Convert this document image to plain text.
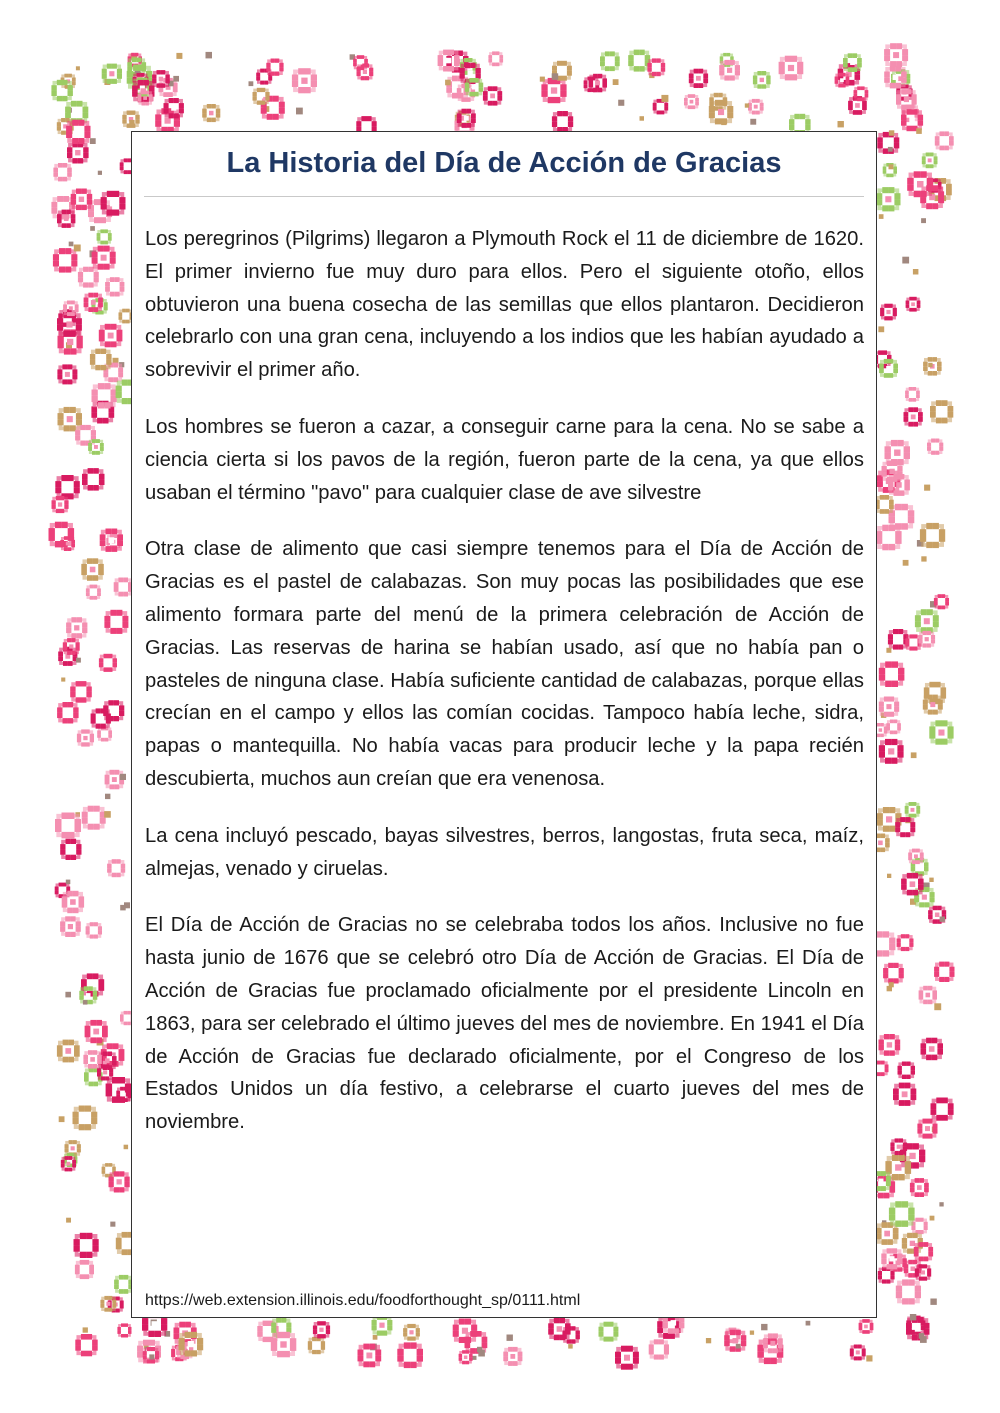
La Historia del Día de Acción de Gracias

Los peregrinos (Pilgrims) llegaron a Plymouth Rock el 11 de diciembre de 1620. El primer invierno fue muy duro para ellos. Pero el siguiente otoño, ellos obtuvieron una buena cosecha de las semillas que ellos plantaron. Decidieron celebrarlo con una gran cena, incluyendo a los indios que les habían ayudado a sobrevivir el primer año.

Los hombres se fueron a cazar, a conseguir carne para la cena. No se sabe a ciencia cierta si los pavos de la región, fueron parte de la cena, ya que ellos usaban el término "pavo" para cualquier clase de ave silvestre

Otra clase de alimento que casi siempre tenemos para el Día de Acción de Gracias es el pastel de calabazas. Son muy pocas las posibilidades que ese alimento formara parte del menú de la primera celebración de Acción de Gracias. Las reservas de harina se habían usado, así que no había pan o pasteles de ninguna clase. Había suficiente cantidad de calabazas, porque ellas crecían en el campo y ellos las comían cocidas. Tampoco había leche, sidra, papas o mantequilla. No había vacas para producir leche y la papa recién descubierta, muchos aun creían que era venenosa.

La cena incluyó pescado, bayas silvestres, berros, langostas, fruta seca, maíz, almejas, venado y ciruelas.

El Día de Acción de Gracias no se celebraba todos los años. Inclusive no fue hasta junio de 1676 que se celebró otro Día de Acción de Gracias. El Día de Acción de Gracias fue proclamado oficialmente por el presidente Lincoln en 1863, para ser celebrado el último jueves del mes de noviembre. En 1941 el Día de Acción de Gracias fue declarado oficialmente, por el Congreso de los Estados Unidos un día festivo, a celebrarse el cuarto jueves del mes de noviembre.

https://web.extension.illinois.edu/foodforthought_sp/0111.html
